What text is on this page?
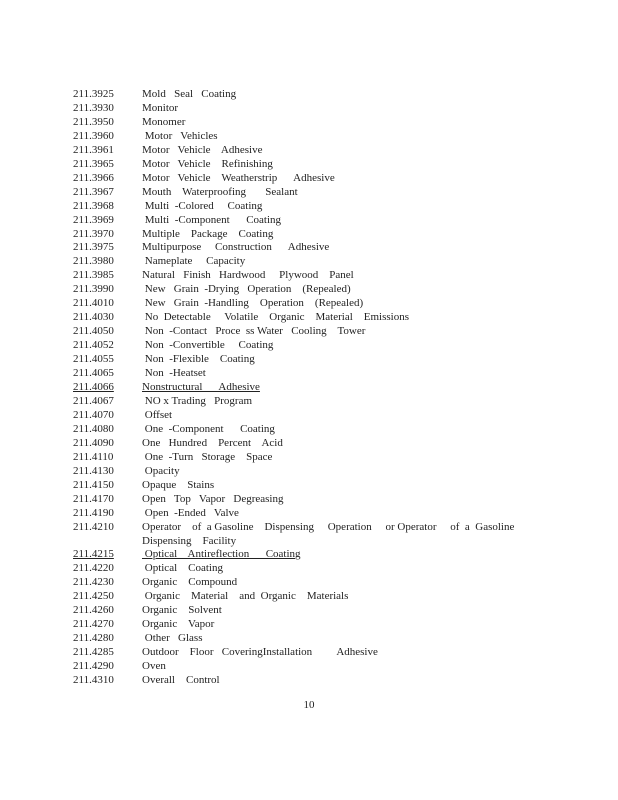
211.3925	Mold   Seal   Coating
211.3930	Monitor
211.3950	Monomer
211.3960	Motor   Vehicles
211.3961	Motor   Vehicle    Adhesive
211.3965	Motor   Vehicle    Refinishing
211.3966	Motor   Vehicle    Weatherstrip      Adhesive
211.3967	Mouth    Waterproofing       Sealant
211.3968	Multi  -Colored     Coating
211.3969	Multi  -Component      Coating
211.3970	Multiple    Package    Coating
211.3975	Multipurpose     Construction      Adhesive
211.3980	Nameplate     Capacity
211.3985	Natural   Finish   Hardwood     Plywood    Panel
211.3990	New   Grain  -Drying   Operation    (Repealed)
211.4010	New   Grain  -Handling    Operation    (Repealed)
211.4030	No  Detectable     Volatile    Organic    Material    Emissions
211.4050	Non  -Contact   Proce  ss Water   Cooling    Tower
211.4052	Non  -Convertible     Coating
211.4055	Non  -Flexible    Coating
211.4065	Non  -Heatset
211.4066	Nonstructural      Adhesive
211.4067	NO x Trading   Program
211.4070	Offset
211.4080	One  -Component      Coating
211.4090	One   Hundred    Percent    Acid
211.4110	One  -Turn   Storage    Space
211.4130	Opacity
211.4150	Opaque    Stains
211.4170	Open   Top   Vapor   Degreasing
211.4190	Open  -Ended   Valve
211.4210	Operator    of  a Gasoline    Dispensing     Operation     or Operator     of  a  Gasoline
Dispensing    Facility
211.4215	Optical    Antireflection      Coating
211.4220	Optical    Coating
211.4230	Organic    Compound
211.4250	Organic    Material    and  Organic    Materials
211.4260	Organic    Solvent
211.4270	Organic    Vapor
211.4280	Other   Glass
211.4285	Outdoor    Floor   CoveringInstallation         Adhesive
211.4290	Oven
211.4310	Overall    Control
10
